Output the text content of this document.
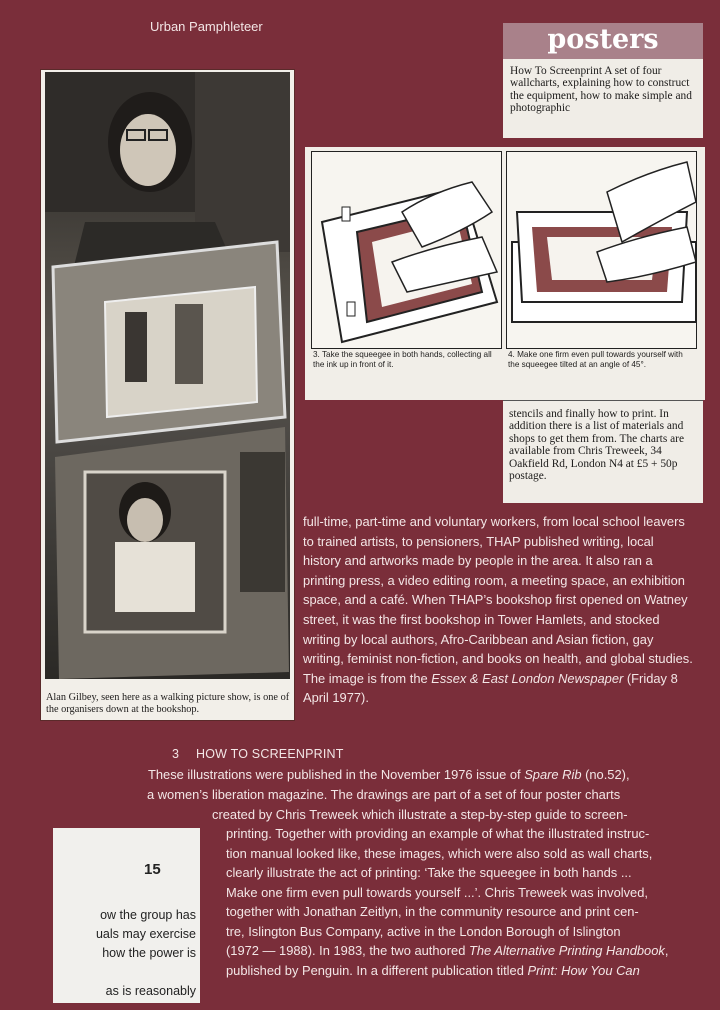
Urban Pamphleteer
Alan Gilbey, seen here as a walking picture show, is one of the organisers down at the bookshop.
posters
How To Screenprint A set of four wallcharts, explaining how to construct the equipment, how to make simple and photographic
3. Take the squeegee in both hands, collecting all the ink up in front of it.
4. Make one firm even pull towards yourself with the squeegee tilted at an angle of 45°.
stencils and finally how to print. In addition there is a list of materials and shops to get them from. The charts are available from Chris Treweek, 34 Oakfield Rd, London N4 at £5 + 50p postage.
full-time, part-time and voluntary workers, from local school leavers to trained artists, to pensioners, THAP published writing, local history and artworks made by people in the area. It also ran a printing press, a video editing room, a meeting space, an exhibition space, and a café. When THAP’s bookshop first opened on Watney street, it was the first bookshop in Tower Hamlets, and stocked writing by local authors, Afro-Caribbean and Asian fiction, gay writing, feminist non-fiction, and books on health, and global studies. The image is from the Essex & East London Newspaper (Friday 8 April 1977).
3 HOW TO SCREENPRINT
These illustrations were published in the November 1976 issue of Spare Rib (no.52),
a women’s liberation magazine. The drawings are part of a set of four poster charts
created by Chris Treweek which illustrate a step-by-step guide to screen-
printing. Together with providing an example of what the illustrated instruc-
tion manual looked like, these images, which were also sold as wall charts,
clearly illustrate the act of printing: ‘Take the squeegee in both hands ...
Make one firm even pull towards yourself ...’. Chris Treweek was involved,
together with Jonathan Zeitlyn, in the community resource and print cen-
tre, Islington Bus Company, active in the London Borough of Islington
(1972 — 1988). In 1983, the two authored The Alternative Printing Handbook,
published by Penguin. In a different publication titled Print: How You Can
15
ow the group has
uals may exercise
how the power is
as is reasonably
